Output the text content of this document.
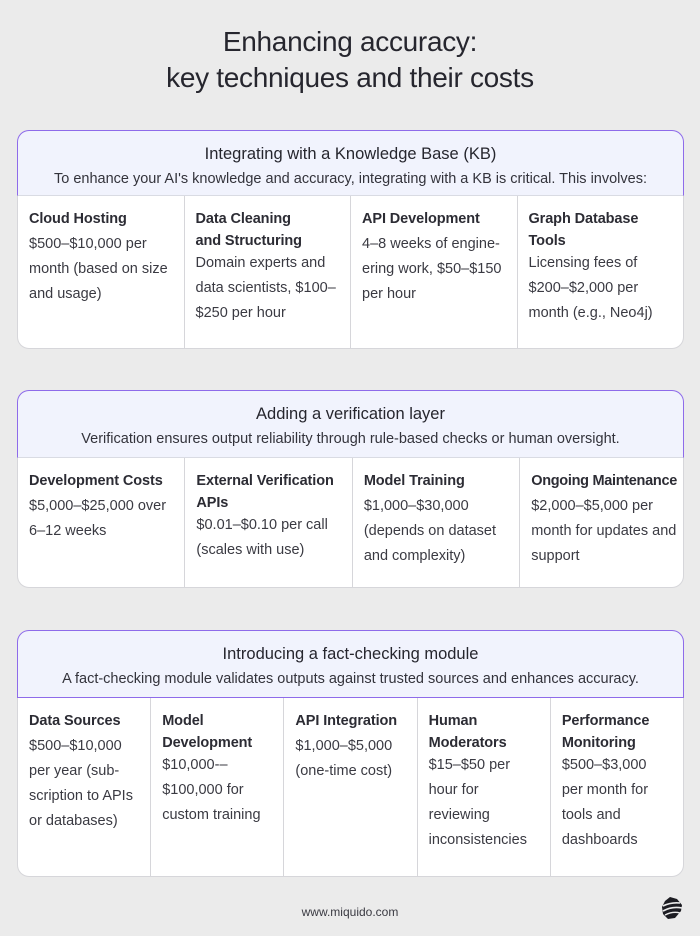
Enhancing accuracy:
key techniques and their costs
Integrating with a Knowledge Base (KB)
To enhance your AI's knowledge and accuracy, integrating with a KB is critical. This involves:
Cloud Hosting
$500–$10,000 per month (based on size and usage)
Data Cleaning and Structuring
Domain experts and data scientists, $100–$250 per hour
API Development
4–8 weeks of engine-ering work, $50–$150 per hour
Graph Database Tools
Licensing fees of $200–$2,000 per month (e.g., Neo4j)
Adding a verification layer
Verification ensures output reliability through rule-based checks or human oversight.
Development Costs
$5,000–$25,000 over 6–12 weeks
External Verification APIs
$0.01–$0.10 per call (scales with use)
Model Training
$1,000–$30,000 (depends on dataset and complexity)
Ongoing Maintenance
$2,000–$5,000 per month for updates and support
Introducing a fact-checking module
A fact-checking module validates outputs against trusted sources and enhances accuracy.
Data Sources
$500–$10,000 per year (sub-scription to APIs or databases)
Model Development
$10,000-–$100,000 for custom training
API Integration
$1,000–$5,000 (one-time cost)
Human Moderators
$15–$50 per hour for reviewing inconsistencies
Performance Monitoring
$500–$3,000 per month for tools and dashboards
www.miquido.com
